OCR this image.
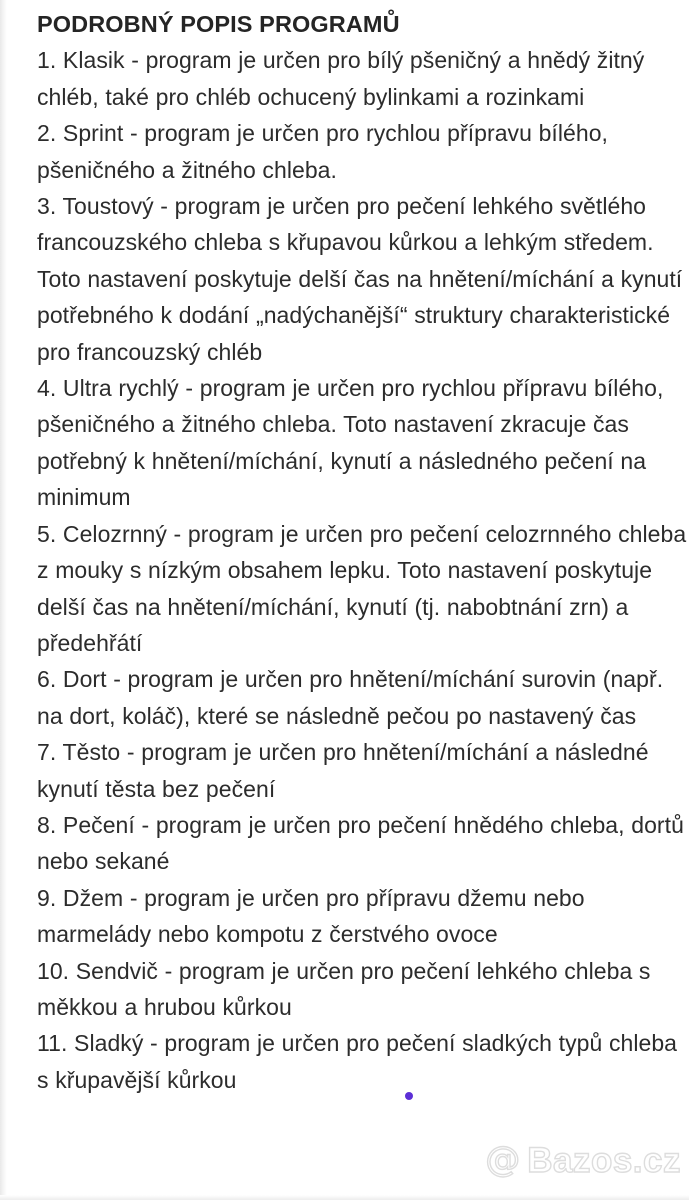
PODROBNÝ POPIS PROGRAMŮ

1. Klasik - program je určen pro bílý pšeničný a hnědý žitný chléb, také pro chléb ochucený bylinkami a rozinkami

2. Sprint - program je určen pro rychlou přípravu bílého, pšeničného a žitného chleba.

3. Toustový - program je určen pro pečení lehkého světlého francouzského chleba s křupavou kůrkou a lehkým středem. Toto nastavení poskytuje delší čas na hnětení/míchání a kynutí potřebného k dodání „nadýchanější“ struktury charakteristické pro francouzský chléb

4. Ultra rychlý - program je určen pro rychlou přípravu bílého, pšeničného a žitného chleba. Toto nastavení zkracuje čas potřebný k hnětení/míchání, kynutí a následného pečení na minimum

5. Celozrnný - program je určen pro pečení celozrnného chleba z mouky s nízkým obsahem lepku. Toto nastavení poskytuje delší čas na hnětení/míchání, kynutí (tj. nabobtnání zrn) a předehřátí

6. Dort - program je určen pro hnětení/míchání surovin (např. na dort, koláč), které se následně pečou po nastavený čas

7. Těsto - program je určen pro hnětení/míchání a následné kynutí těsta bez pečení

8. Pečení - program je určen pro pečení hnědého chleba, dortů nebo sekané

9. Džem - program je určen pro přípravu džemu nebo marmelády nebo kompotu z čerstvého ovoce

10. Sendvič - program je určen pro pečení lehkého chleba s měkkou a hrubou kůrkou

11. Sladký - program je určen pro pečení sladkých typů chleba s křupavější kůrkou

@ Bazos.cz
